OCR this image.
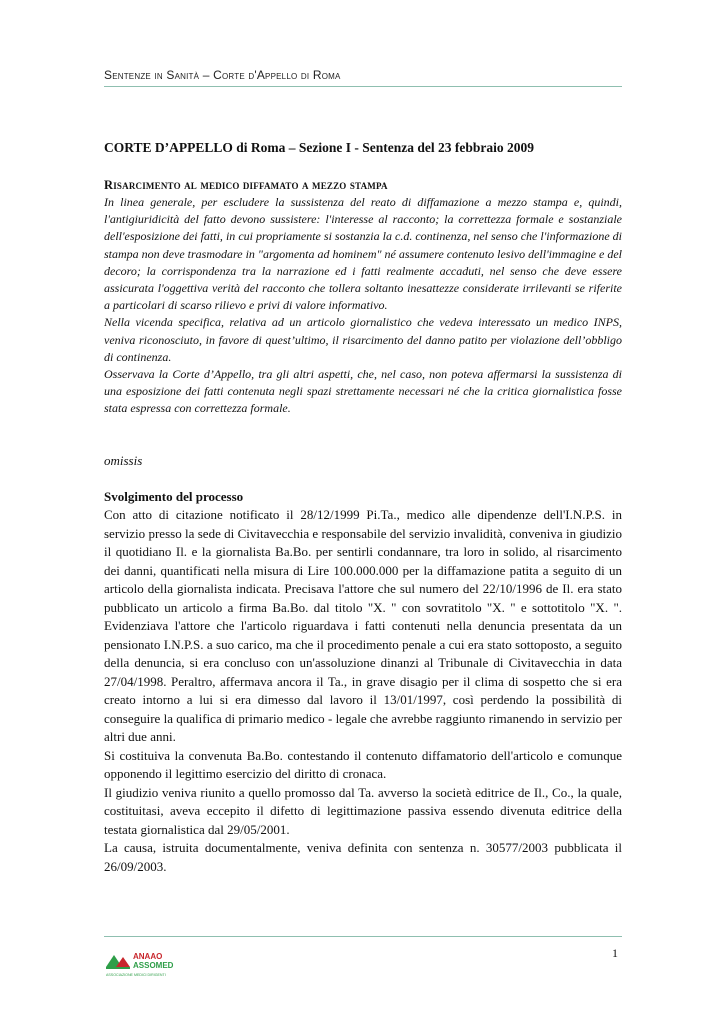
Sentenze in Sanità – Corte d'Appello di Roma
CORTE D’APPELLO di Roma – Sezione I - Sentenza del 23 febbraio 2009
Risarcimento al medico diffamato a mezzo stampa

In linea generale, per escludere la sussistenza del reato di diffamazione a mezzo stampa e, quindi, l'antigiuridicità del fatto devono sussistere: l'interesse al racconto; la correttezza formale e sostanziale dell'esposizione dei fatti, in cui propriamente si sostanzia la c.d. continenza, nel senso che l'informazione di stampa non deve trasmodare in "argomenta ad hominem" né assumere contenuto lesivo dell'immagine e del decoro; la corrispondenza tra la narrazione ed i fatti realmente accaduti, nel senso che deve essere assicurata l'oggettiva verità del racconto che tollera soltanto inesattezze considerate irrilevanti se riferite a particolari di scarso rilievo e privi di valore informativo.

Nella vicenda specifica, relativa ad un articolo giornalistico che vedeva interessato un medico INPS, veniva riconosciuto, in favore di quest’ultimo, il risarcimento del danno patito per violazione dell’obbligo di continenza.

Osservava la Corte d’Appello, tra gli altri aspetti, che, nel caso, non poteva affermarsi la sussistenza di una esposizione dei fatti contenuta negli spazi strettamente necessari né che la critica giornalistica fosse stata espressa con correttezza formale.

omissis
Svolgimento del processo

Con atto di citazione notificato il 28/12/1999 Pi.Ta., medico alle dipendenze dell'I.N.P.S. in servizio presso la sede di Civitavecchia e responsabile del servizio invalidità, conveniva in giudizio il quotidiano Il. e la giornalista Ba.Bo. per sentirli condannare, tra loro in solido, al risarcimento dei danni, quantificati nella misura di Lire 100.000.000 per la diffamazione patita a seguito di un articolo della giornalista indicata. Precisava l'attore che sul numero del 22/10/1996 de Il. era stato pubblicato un articolo a firma Ba.Bo. dal titolo "X. " con sovratitolo "X. " e sottotitolo "X. ". Evidenziava l'attore che l'articolo riguardava i fatti contenuti nella denuncia presentata da un pensionato I.N.P.S. a suo carico, ma che il procedimento penale a cui era stato sottoposto, a seguito della denuncia, si era concluso con un'assoluzione dinanzi al Tribunale di Civitavecchia in data 27/04/1998. Peraltro, affermava ancora il Ta., in grave disagio per il clima di sospetto che si era creato intorno a lui si era dimesso dal lavoro il 13/01/1997, così perdendo la possibilità di conseguire la qualifica di primario medico - legale che avrebbe raggiunto rimanendo in servizio per altri due anni.

Si costituiva la convenuta Ba.Bo. contestando il contenuto diffamatorio dell'articolo e comunque opponendo il legittimo esercizio del diritto di cronaca.

Il giudizio veniva riunito a quello promosso dal Ta. avverso la società editrice de Il., Co., la quale, costituitasi, aveva eccepito il difetto di legittimazione passiva essendo divenuta editrice della testata giornalistica dal 29/05/2001.

La causa, istruita documentalmente, veniva definita con sentenza n. 30577/2003 pubblicata il 26/09/2003.

ANAAO
ASSOMED
ASSOCIAZIONE MEDICI DIRIGENTI
1
